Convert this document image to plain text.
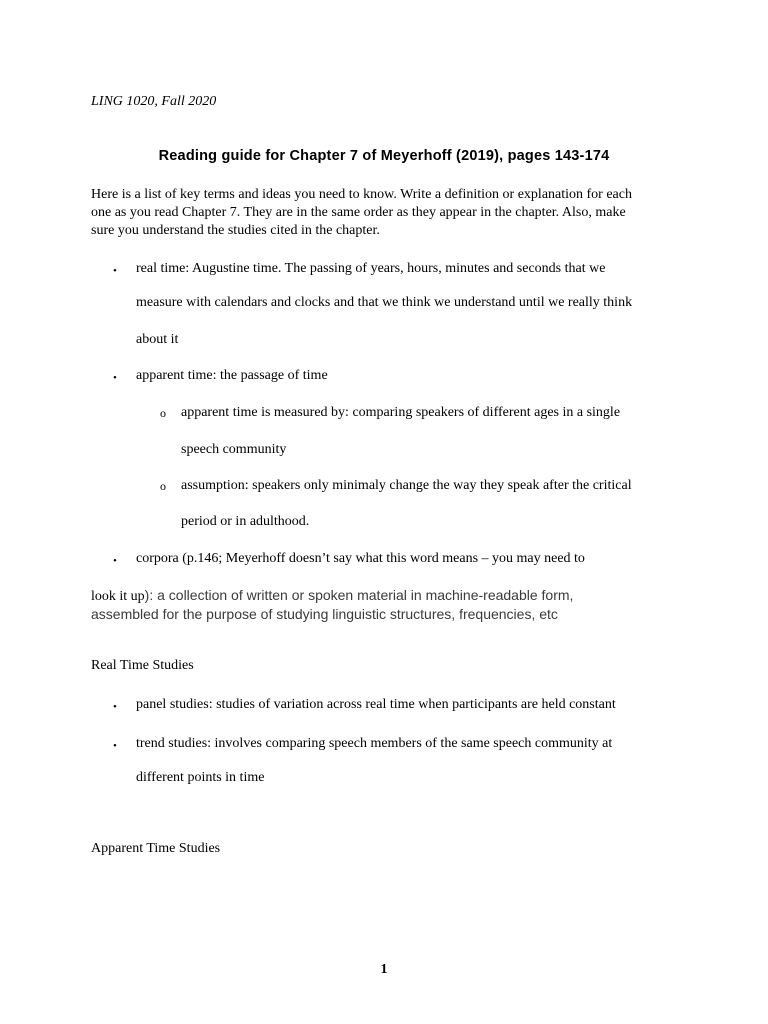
LING 1020, Fall 2020
Reading guide for Chapter 7 of Meyerhoff (2019), pages 143-174
Here is a list of key terms and ideas you need to know. Write a definition or explanation for each
one as you read Chapter 7. They are in the same order as they appear in the chapter. Also, make
sure you understand the studies cited in the chapter.
• real time: Augustine time. The passing of years, hours, minutes and seconds that we
measure with calendars and clocks and that we think we understand until we really think
about it
• apparent time: the passage of time
o apparent time is measured by: comparing speakers of different ages in a single
speech community
o assumption: speakers only minimaly change the way they speak after the critical
period or in adulthood.
• corpora (p.146; Meyerhoff doesn’t say what this word means – you may need to
look it up): a collection of written or spoken material in machine-readable form,
assembled for the purpose of studying linguistic structures, frequencies, etc
Real Time Studies
• panel studies: studies of variation across real time when participants are held constant
• trend studies: involves comparing speech members of the same speech community at
different points in time
Apparent Time Studies
1
